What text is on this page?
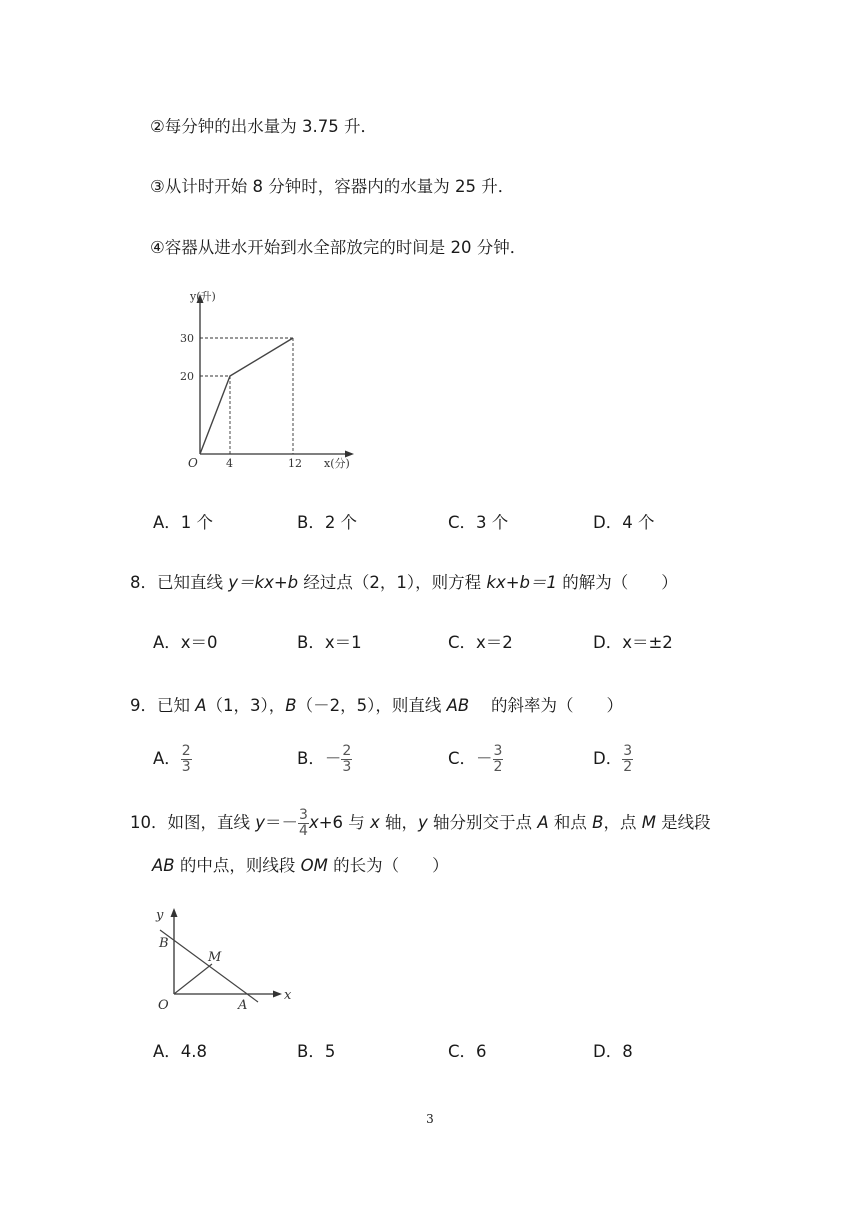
②每分钟的出水量为 3.75 升．
③从计时开始 8 分钟时，容器内的水量为 25 升．
④容器从进水开始到水全部放完的时间是 20 分钟．
y(升)
30
20
O	4	12 x(分)
A．1 个	B．2 个	C．3 个	D．4 个
8．已知直线 y＝kx+b 经过点（2，1），则方程 kx+b＝1 的解为（　　）
A．x＝0	B．x＝1	C．x＝2	D．x＝±2
9．已知 A（1，3），B（－2，5），则直线 AB　 的斜率为（　　）
A． $\frac{2}{3}$	B．－ $\frac{2}{3}$	C．－ $\frac{3}{2}$	D． $\frac{3}{2}$
10．如图，直线 $y=- \frac{3}{4} x+6$ 与 x 轴，y 轴分别交于点 A 和点 B，点 M 是线段
AB 的中点，则线段 OM 的长为（　　）
y
x
O
B
M
A
A．4.8	B．5	C．6	D．8
3
